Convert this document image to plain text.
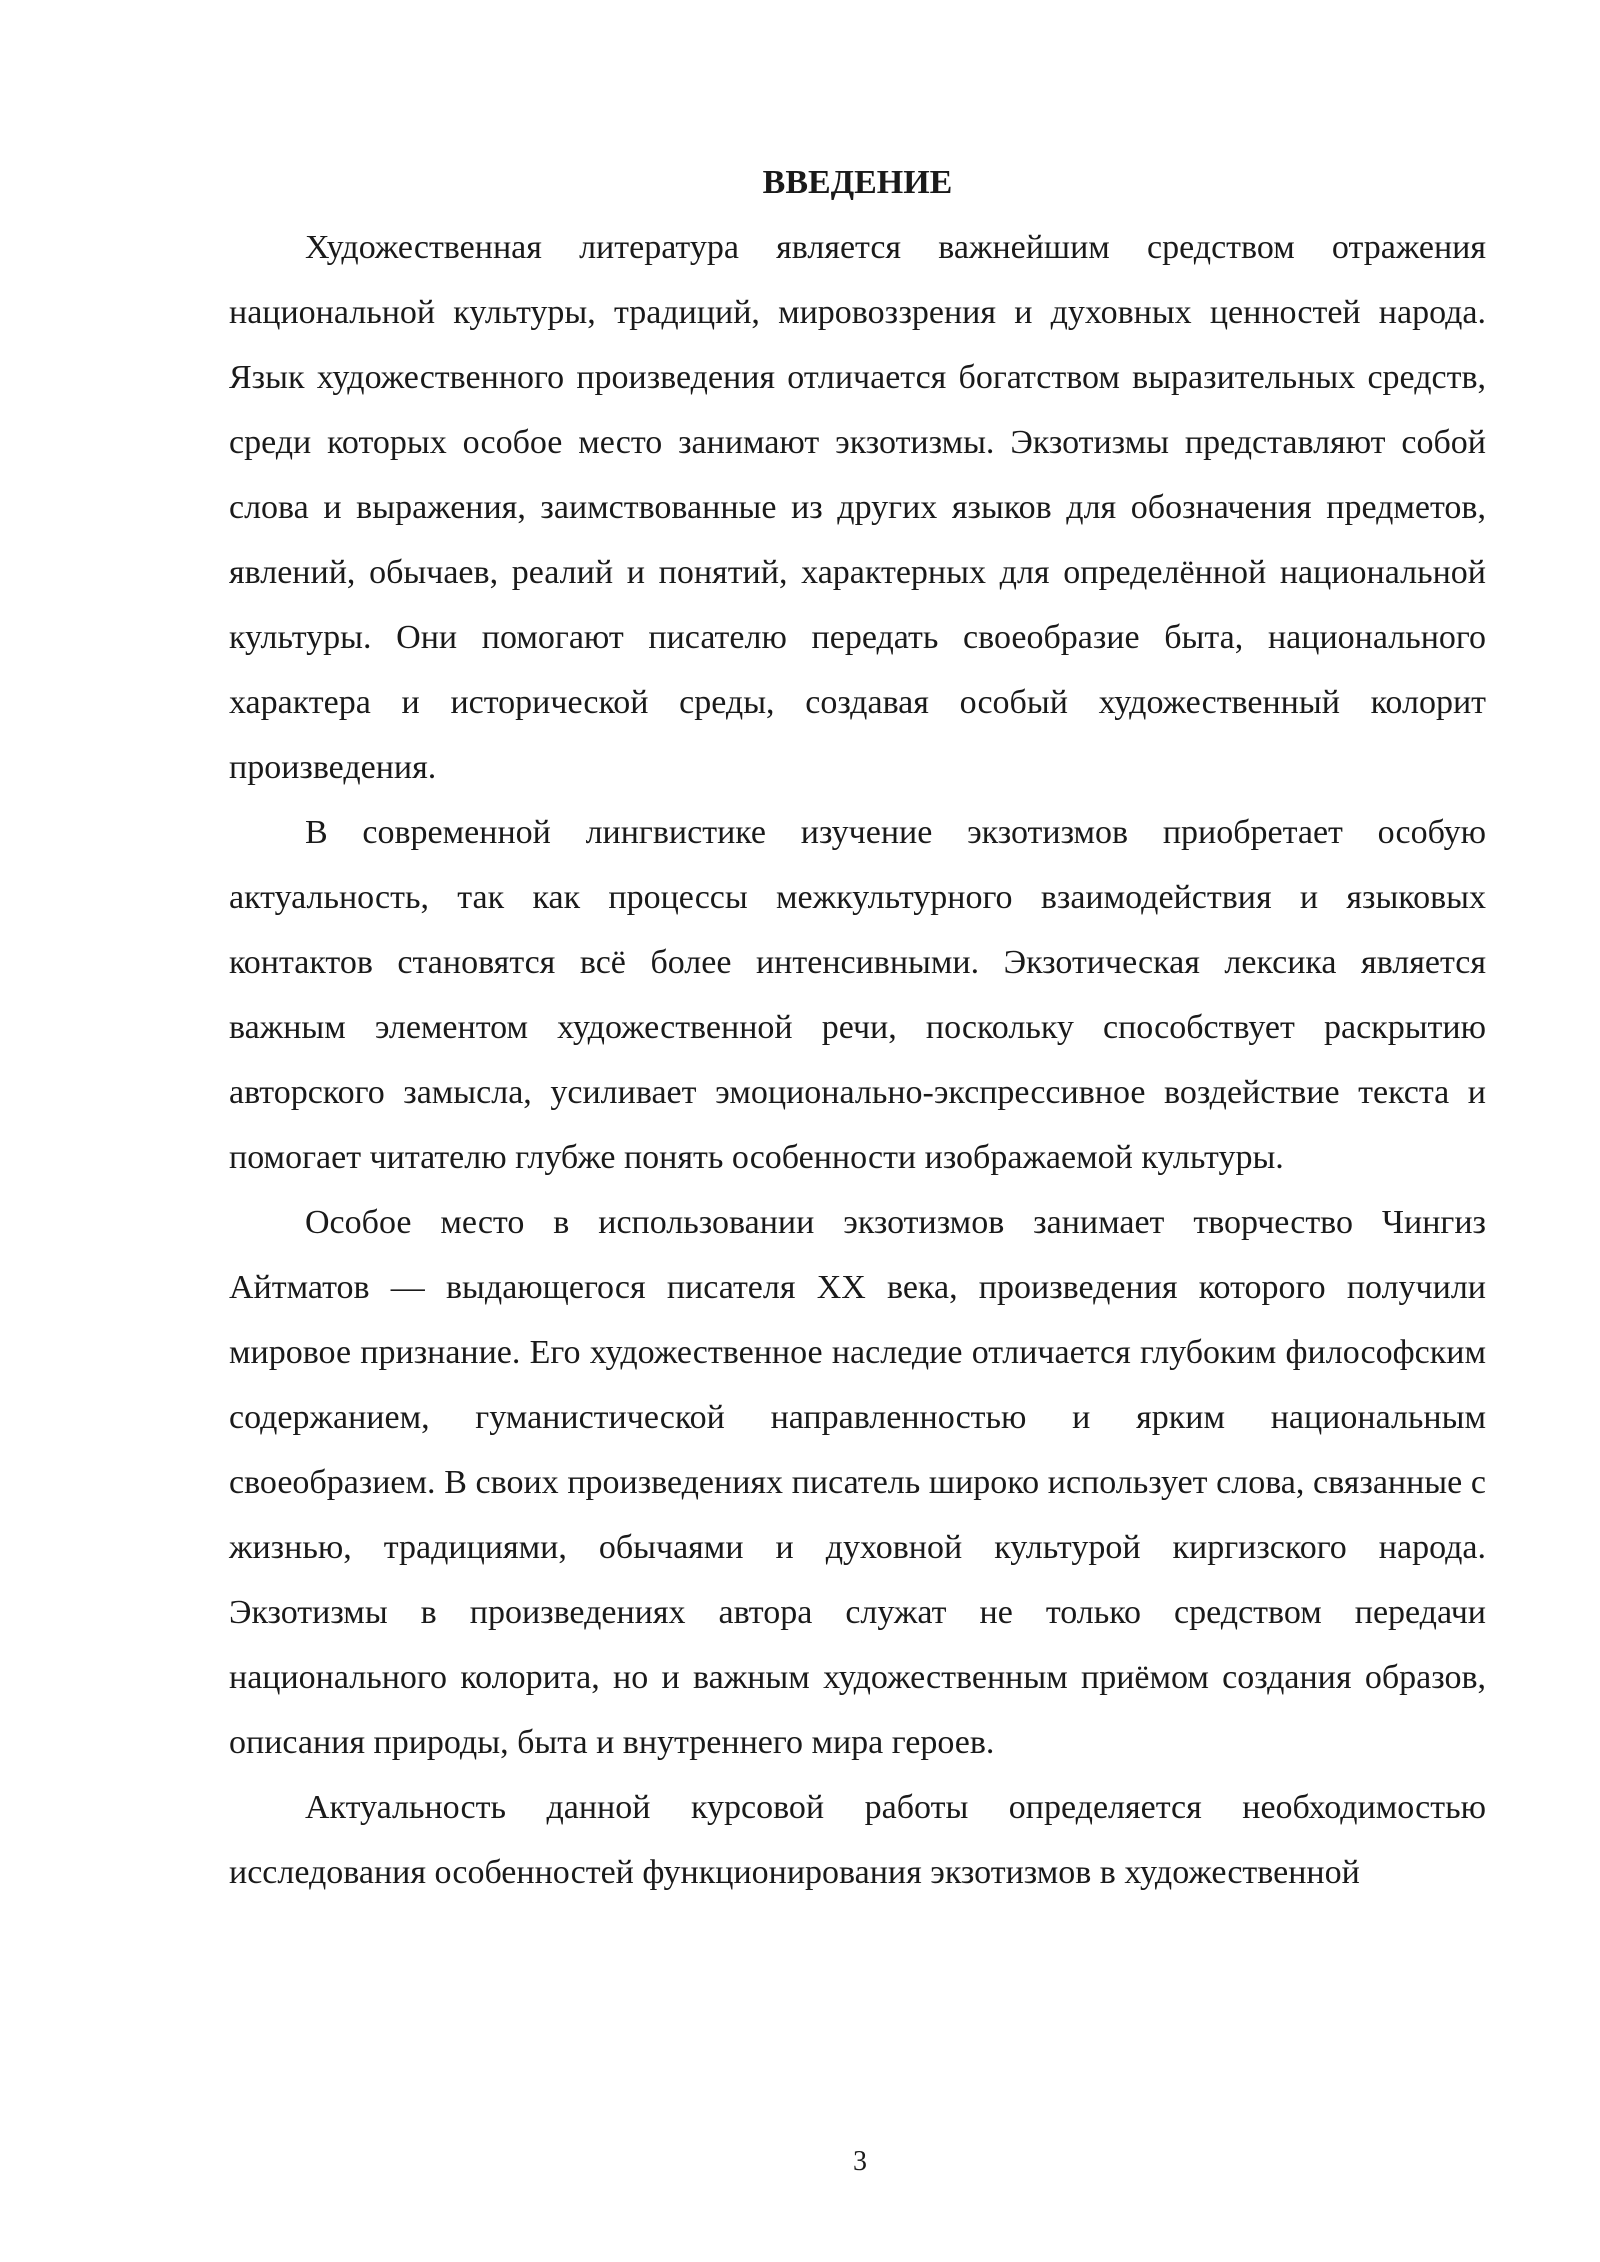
ВВЕДЕНИЕ

Художественная литература является важнейшим средством отражения национальной культуры, традиций, мировоззрения и духовных ценностей народа. Язык художественного произведения отличается богатством выразительных средств, среди которых особое место занимают экзотизмы. Экзотизмы представляют собой слова и выражения, заимствованные из других языков для обозначения предметов, явлений, обычаев, реалий и понятий, характерных для определённой национальной культуры. Они помогают писателю передать своеобразие быта, национального характера и исторической среды, создавая особый художественный колорит произведения.

В современной лингвистике изучение экзотизмов приобретает особую актуальность, так как процессы межкультурного взаимодействия и языковых контактов становятся всё более интенсивными. Экзотическая лексика является важным элементом художественной речи, поскольку способствует раскрытию авторского замысла, усиливает эмоционально-экспрессивное воздействие текста и помогает читателю глубже понять особенности изображаемой культуры.

Особое место в использовании экзотизмов занимает творчество Чингиз Айтматов — выдающегося писателя XX века, произведения которого получили мировое признание. Его художественное наследие отличается глубоким философским содержанием, гуманистической направленностью и ярким национальным своеобразием. В своих произведениях писатель широко использует слова, связанные с жизнью, традициями, обычаями и духовной культурой киргизского народа. Экзотизмы в произведениях автора служат не только средством передачи национального колорита, но и важным художественным приёмом создания образов, описания природы, быта и внутреннего мира героев.

Актуальность данной курсовой работы определяется необходимостью исследования особенностей функционирования экзотизмов в художественной

3
